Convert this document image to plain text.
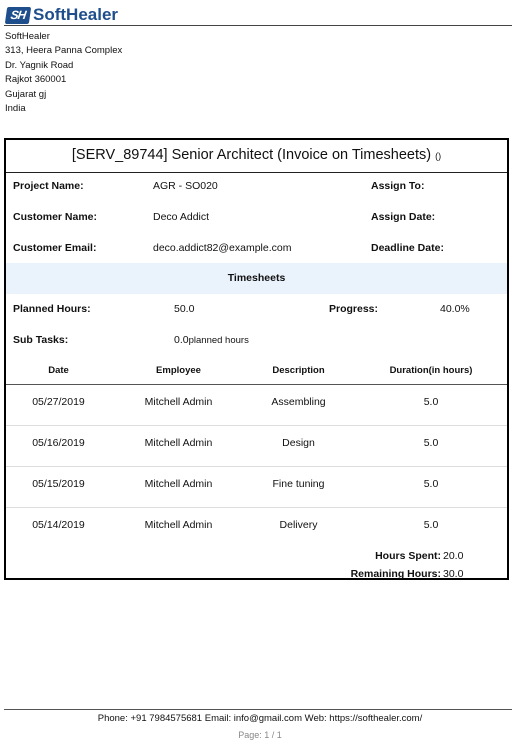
SH SoftHealer
SoftHealer
313, Heera Panna Complex
Dr. Yagnik Road
Rajkot 360001
Gujarat gj
India
[SERV_89744] Senior Architect (Invoice on Timesheets) ()
Project Name:	AGR - SO020	Assign To:
Customer Name:	Deco Addict	Assign Date:
Customer Email:	deco.addict82@example.com	Deadline Date:
Timesheets
Planned Hours:	50.0	Progress:	40.0%
Sub Tasks:	0.0planned hours
Date	Employee	Description	Duration(in hours)
05/27/2019	Mitchell Admin	Assembling	5.0
05/16/2019	Mitchell Admin	Design	5.0
05/15/2019	Mitchell Admin	Fine tuning	5.0
05/14/2019	Mitchell Admin	Delivery	5.0
Hours Spent: 20.0
Remaining Hours: 30.0
Phone: +91 7984575681 Email: info@gmail.com Web: https://softhealer.com/
Page: 1 / 1
